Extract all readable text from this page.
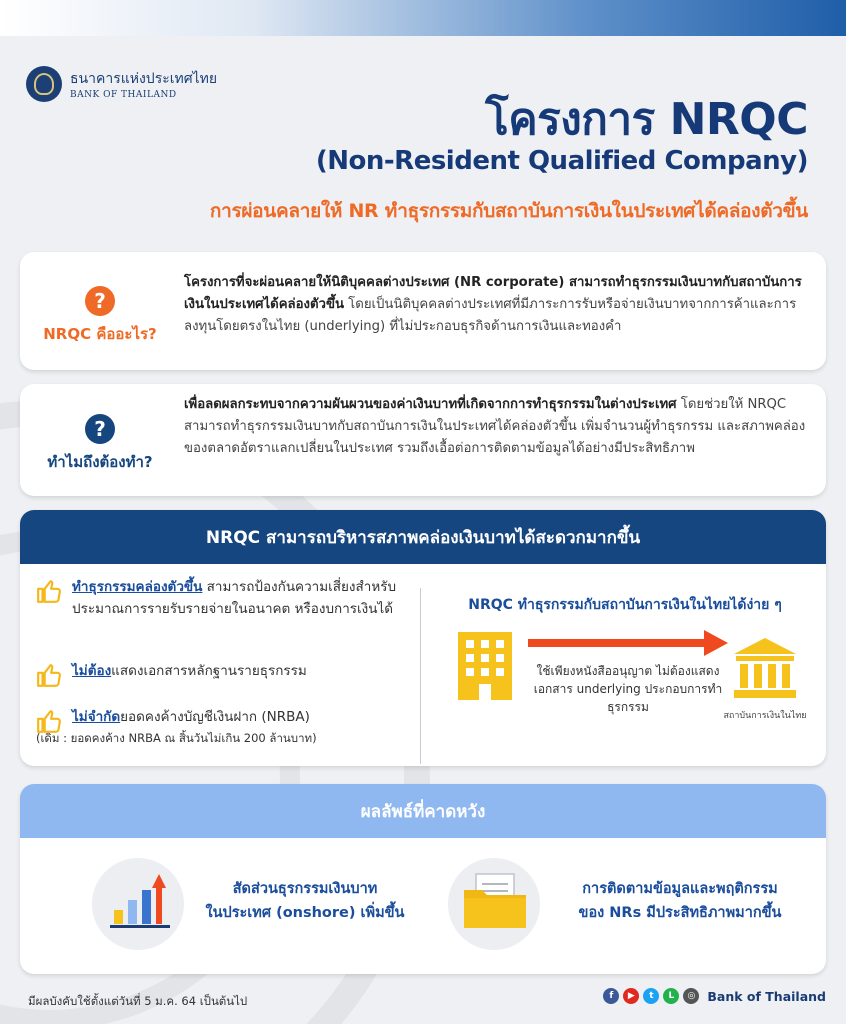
ธนาคารแห่งประเทศไทย
BANK OF THAILAND	โครงการ NRQC
(Non-Resident Qualified Company)
การผ่อนคลายให้ NR ทำธุรกรรมกับสถาบันการเงินในประเทศได้คล่องตัวขึ้น
?
NRQC คืออะไร?
โครงการที่จะผ่อนคลายให้นิติบุคคลต่างประเทศ (NR corporate) สามารถทำธุรกรรมเงินบาทกับสถาบันการเงินในประเทศได้คล่องตัวขึ้น โดยเป็นนิติบุคคลต่างประเทศที่มีภาระการรับหรือจ่ายเงินบาทจากการค้าและการลงทุนโดยตรงในไทย (underlying) ที่ไม่ประกอบธุรกิจด้านการเงินและทองคำ
?
ทำไมถึงต้องทำ?
เพื่อลดผลกระทบจากความผันผวนของค่าเงินบาทที่เกิดจากการทำธุรกรรมในต่างประเทศ โดยช่วยให้ NRQC สามารถทำธุรกรรมเงินบาทกับสถาบันการเงินในประเทศได้คล่องตัวขึ้น เพิ่มจำนวนผู้ทำธุรกรรม และสภาพคล่องของตลาดอัตราแลกเปลี่ยนในประเทศ รวมถึงเอื้อต่อการติดตามข้อมูลได้อย่างมีประสิทธิภาพ
NRQC สามารถบริหารสภาพคล่องเงินบาทได้สะดวกมากขึ้น
ทำธุรกรรมคล่องตัวขึ้น สามารถป้องกันความเสี่ยงสำหรับประมาณการรายรับรายจ่ายในอนาคต หรืองบการเงินได้
ไม่ต้องแสดงเอกสารหลักฐานรายธุรกรรม
ไม่จำกัดยอดคงค้างบัญชีเงินฝาก (NRBA)
(เดิม : ยอดคงค้าง NRBA ณ สิ้นวันไม่เกิน 200 ล้านบาท)
NRQC ทำธุรกรรมกับสถาบันการเงินในไทยได้ง่าย ๆ
ใช้เพียงหนังสืออนุญาต ไม่ต้องแสดงเอกสาร underlying ประกอบการทำธุรกรรม
สถาบันการเงินในไทย
ผลลัพธ์ที่คาดหวัง
สัดส่วนธุรกรรมเงินบาท
ในประเทศ (onshore) เพิ่มขึ้น
การติดตามข้อมูลและพฤติกรรม
ของ NRs มีประสิทธิภาพมากขึ้น
มีผลบังคับใช้ตั้งแต่วันที่ 5 ม.ค. 64 เป็นต้นไป	f	▶	t	L	◎ Bank of Thailand
